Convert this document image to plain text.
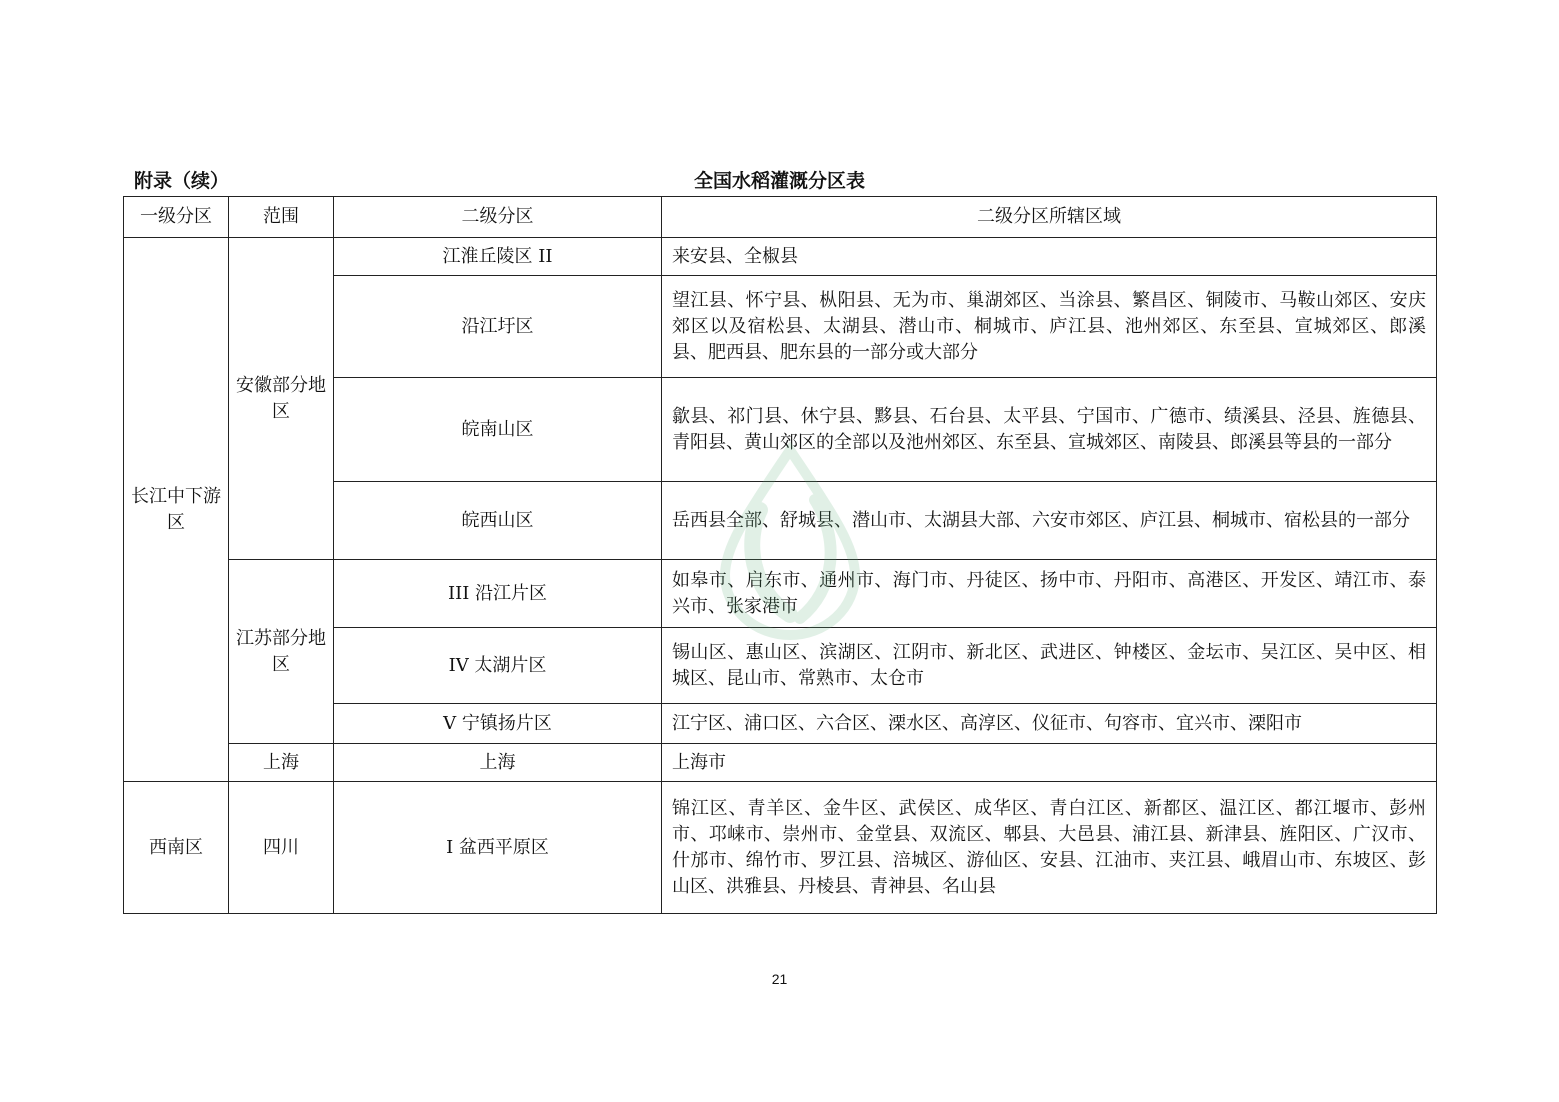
附录（续）	全国水稻灌溉分区表
一级分区	范围	二级分区	二级分区所辖区域
长江中下游区	安徽部分地区	江淮丘陵区 II	来安县、全椒县
		沿江圩区	望江县、怀宁县、枞阳县、无为市、巢湖郊区、当涂县、繁昌区、铜陵市、马鞍山郊区、安庆郊区以及宿松县、太湖县、潜山市、桐城市、庐江县、池州郊区、东至县、宣城郊区、郎溪县、肥西县、肥东县的一部分或大部分
		皖南山区	歙县、祁门县、休宁县、黟县、石台县、太平县、宁国市、广德市、绩溪县、泾县、旌德县、青阳县、黄山郊区的全部以及池州郊区、东至县、宣城郊区、南陵县、郎溪县等县的一部分
		皖西山区	岳西县全部、舒城县、潜山市、太湖县大部、六安市郊区、庐江县、桐城市、宿松县的一部分
	江苏部分地区	III 沿江片区	如皋市、启东市、通州市、海门市、丹徒区、扬中市、丹阳市、高港区、开发区、靖江市、泰兴市、张家港市
		IV 太湖片区	锡山区、惠山区、滨湖区、江阴市、新北区、武进区、钟楼区、金坛市、吴江区、吴中区、相城区、昆山市、常熟市、太仓市
		V 宁镇扬片区	江宁区、浦口区、六合区、溧水区、高淳区、仪征市、句容市、宜兴市、溧阳市
	上海	上海	上海市
西南区	四川	I 盆西平原区	锦江区、青羊区、金牛区、武侯区、成华区、青白江区、新都区、温江区、都江堰市、彭州市、邛崃市、崇州市、金堂县、双流区、郫县、大邑县、浦江县、新津县、旌阳区、广汉市、什邡市、绵竹市、罗江县、涪城区、游仙区、安县、江油市、夹江县、峨眉山市、东坡区、彭山区、洪雅县、丹棱县、青神县、名山县
21
